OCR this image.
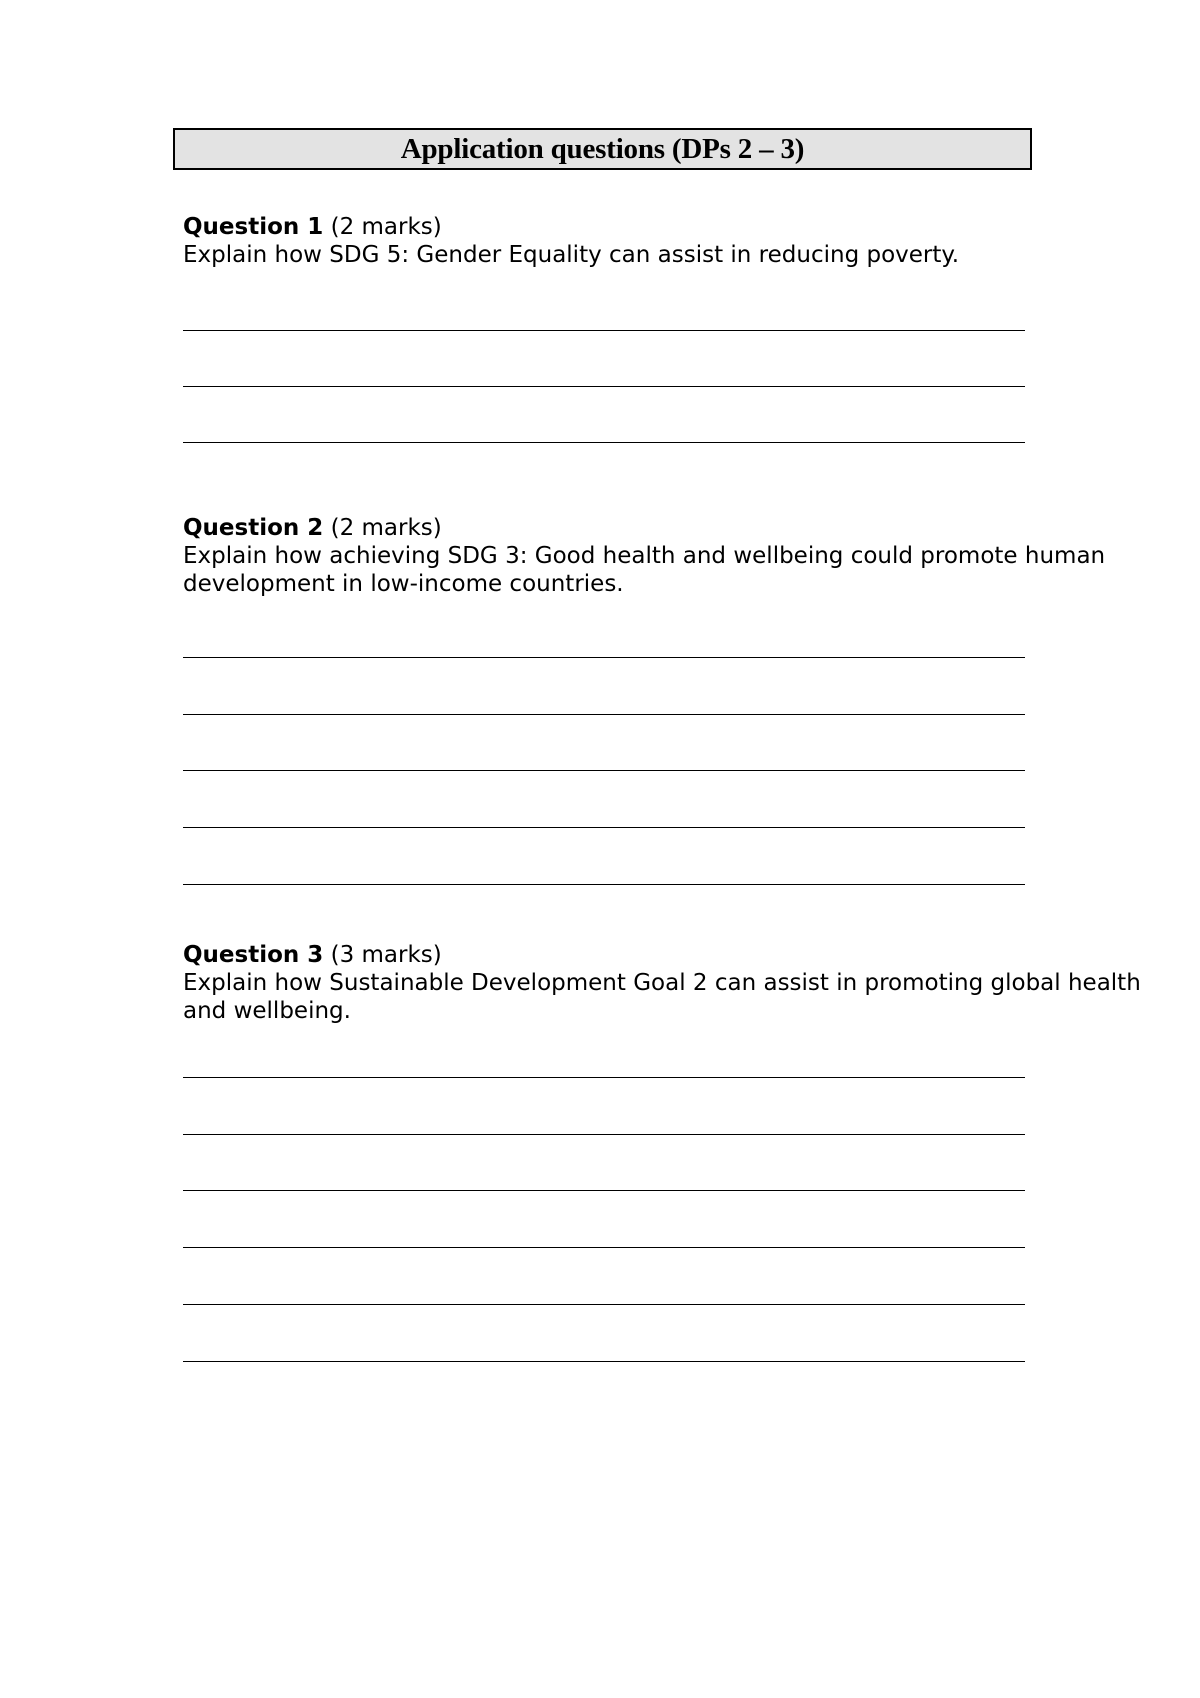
Application questions (DPs 2 – 3)
Question 1 (2 marks)
Explain how SDG 5: Gender Equality can assist in reducing poverty.
Question 2 (2 marks)
Explain how achieving SDG 3: Good health and wellbeing could promote human development in low-income countries.
Question 3 (3 marks)
Explain how Sustainable Development Goal 2 can assist in promoting global health and wellbeing.
